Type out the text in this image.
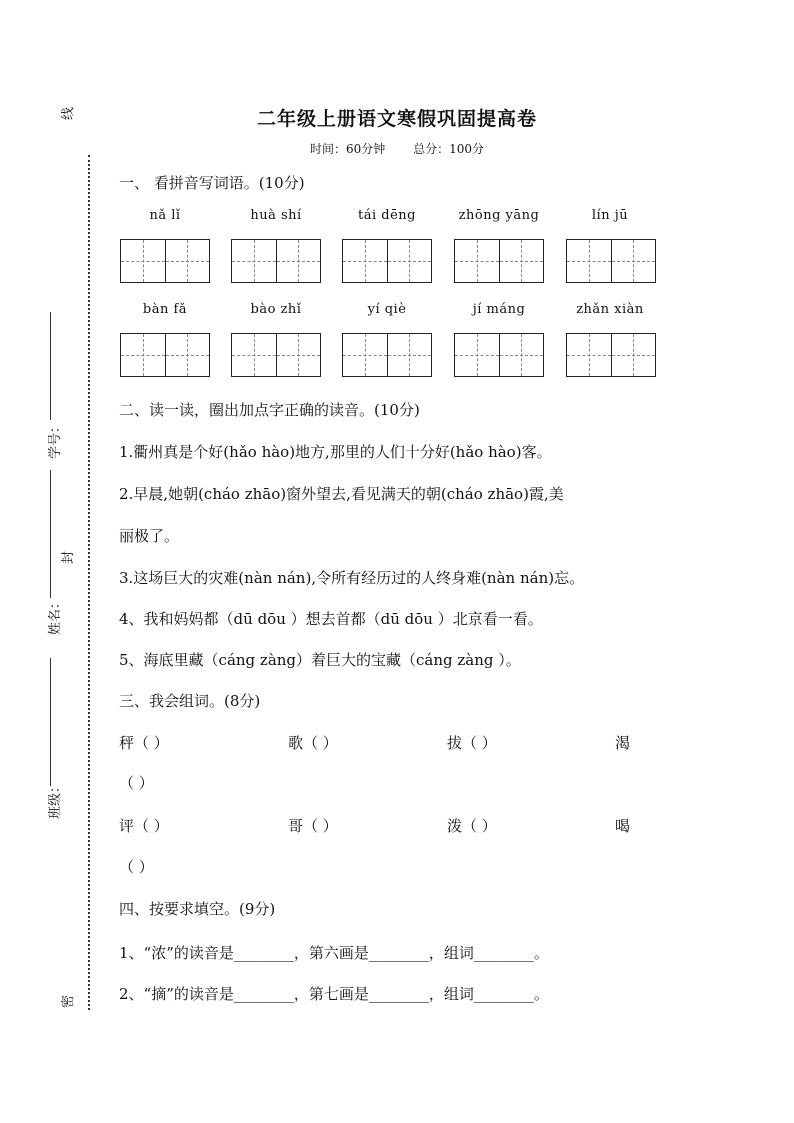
二年级上册语文寒假巩固提高卷
时间：60分钟 总分：100分
线
封
密
学号：
姓名：
班级：
一、 看拼音写词语。(10分)
nǎ lǐ	huà shí	tái dēng	zhōng yāng	lín jū
bàn fǎ	bào zhǐ	yí qiè	jí máng	zhǎn xiàn
二、读一读，圈出加点字正确的读音。(10分)
1.衢州真是个好(hǎo hào)地方,那里的人们十分好(hǎo hào)客。
2.早晨,她朝(cháo zhāo)窗外望去,看见满天的朝(cháo zhāo)霞,美
丽极了。
3.这场巨大的灾难(nàn nán),令所有经历过的人终身难(nàn nán)忘。
4、我和妈妈都（dū dōu ）想去首都（dū dōu ）北京看一看。
5、海底里藏（cáng zàng）着巨大的宝藏（cáng zàng ）。
三、我会组词。(8分)
秤（ ）	歌（ ）	拔（ ）	渴
（ ）
评（ ）	哥（ ）	泼（ ）	喝
（ ）
四、按要求填空。(9分)
1、“浓”的读音是________，第六画是________，组词________。
2、“摘”的读音是________，第七画是________，组词________。
